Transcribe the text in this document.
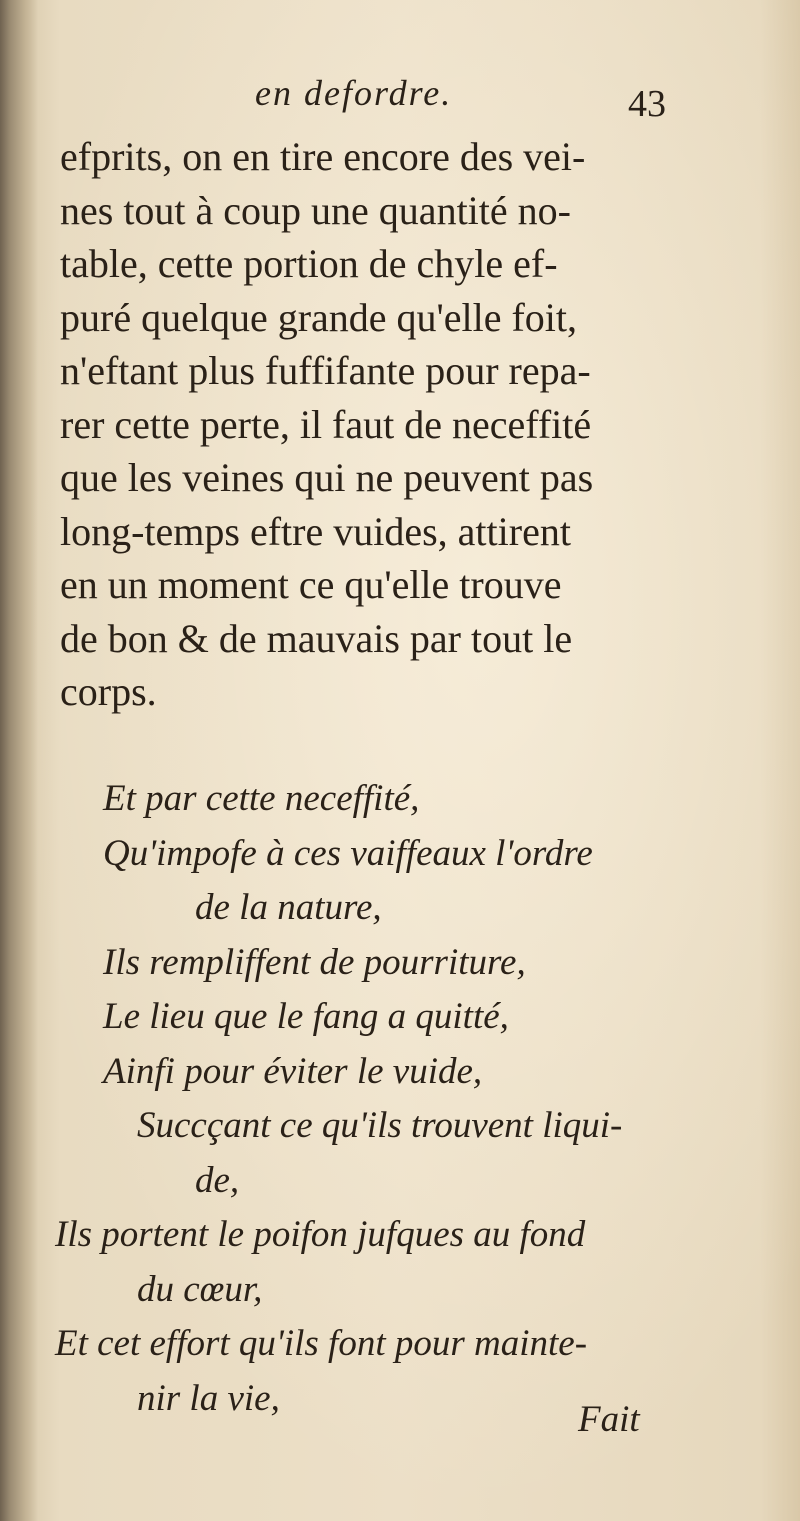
en defordre.	43
efprits, on en tire encore des vei-
nes tout à coup une quantité no-
table, cette portion de chyle ef-
puré quelque grande qu'elle foit,
n'eftant plus fuffifante pour repa-
rer cette perte, il faut de neceffité
que les veines qui ne peuvent pas
long-temps eftre vuides, attirent
en un moment ce qu'elle trouve
de bon & de mauvais par tout le
corps.
Et par cette neceffité,
Qu'impofe à ces vaiffeaux l'ordre
de la nature,
Ils rempliffent de pourriture,
Le lieu que le fang a quitté,
Ainfi pour éviter le vuide,
Succçant ce qu'ils trouvent liqui-
de,
Ils portent le poifon jufques au fond
du cœur,
Et cet effort qu'ils font pour mainte-
nir la vie,
Fait
